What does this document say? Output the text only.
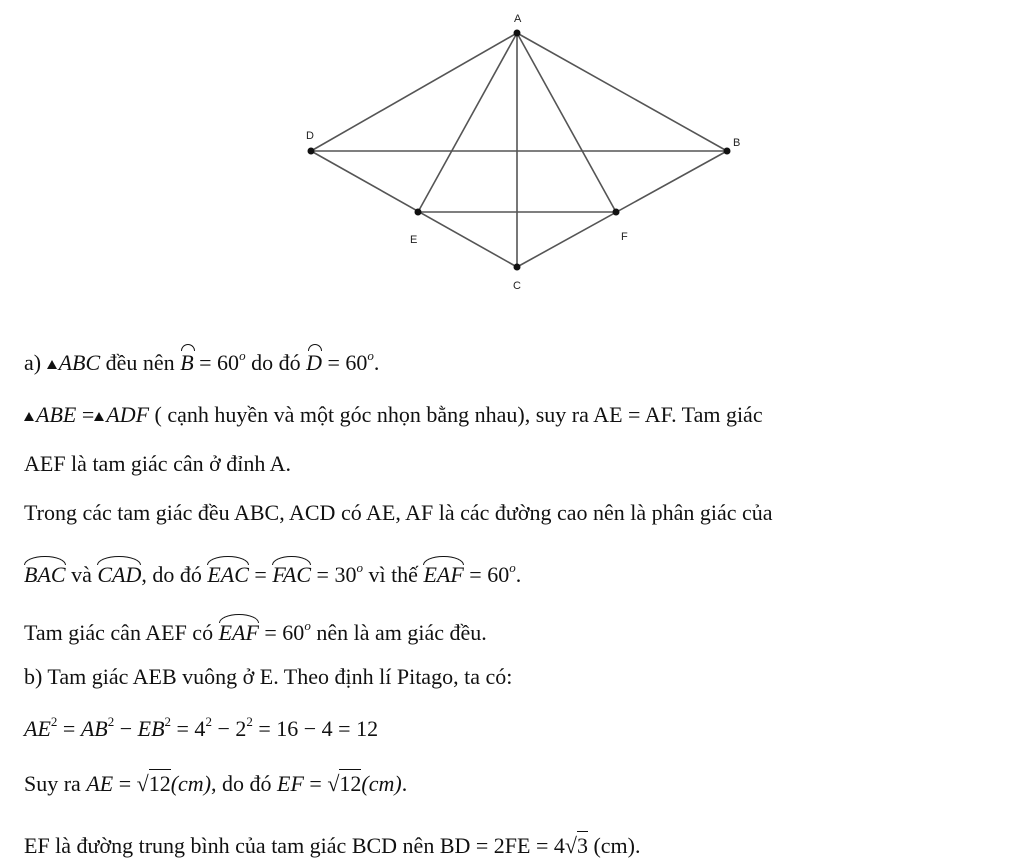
A
B
C
D
E	F
a) ABC đều nên $B = 60^o$ do đó $D = 60^o$.
ABE = ADF ( cạnh huyền và một góc nhọn bằng nhau), suy ra AE = AF. Tam giác
AEF là tam giác cân ở đỉnh A.
Trong các tam giác đều ABC, ACD có AE, AF là các đường cao nên là phân giác của
BAC và CAD, do đó EAC = FAC = $30^o$ vì thế EAF = $60^o$.
Tam giác cân AEF có EAF = $60^o$ nên là am giác đều.
b) Tam giác AEB vuông ở E. Theo định lí Pitago, ta có:
$AE^2 = AB^2 - EB^2 = 4^2 - 2^2 = 16 - 4 = 12$
Suy ra AE = √12(cm), do đó EF = √12(cm).
EF là đường trung bình của tam giác BCD nên BD = 2FE = 4√3 (cm).
